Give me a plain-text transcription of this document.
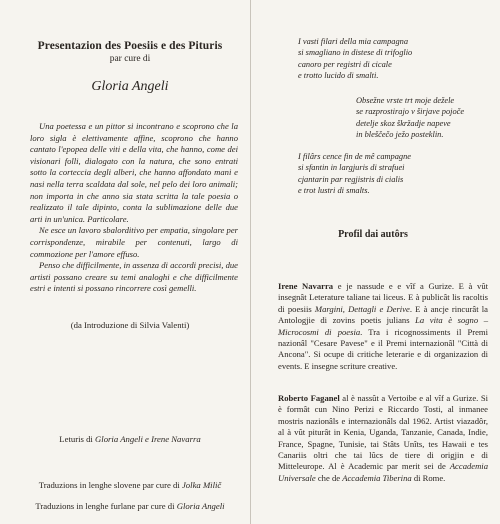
Presentazion des Poesiis e des Pituris
par cure di
Gloria Angeli

Una poetessa e un pittor si incontrano e scoprono che la loro sigla è elettivamente affine, scoprono che hanno cantato l'epopea delle viti e della vita, che hanno, come dei visionari folli, dialogato con la natura, che sono entrati sotto la corteccia degli alberi, che hanno affondato mani e nasi nella terra scaldata dal sole, nel pelo dei loro animali; non importa in che anno sia stata scritta la tale poesia o realizzato il tale dipinto, conta la sublimazione delle due arti in un'unica. Particolare.

Ne esce un lavoro sbalorditivo per empatia, singolare per corrispondenze, mirabile per contenuti, largo di commozione per l'amore effuso.

Penso che difficilmente, in assenza di accordi precisi, due artisti possano creare su temi analoghi e che difficilmente estri e intenti si possano rincorrere così gemelli.

(da Introduzione di Silvia Valenti)
Leturis di Gloria Angeli e Irene Navarra
Traduzions in lenghe slovene par cure di Jolka Milič
Traduzions in lenghe furlane par cure di Gloria Angeli
I vasti filari della mia campagna
si smagliano in distese di trifoglio
canoro per registri di cicale
e trotto lucido di smalti.
Obsežne vrste trt moje dežele
se razprostirajo v širjave pojoče
detelje skoz škržadje napeve
in bleščečo ježo posteklin.
I filârs cence fin de mê campagne
si sfantin in largjuris di strafuei
cjantarin par regjistris di cialis
e trot lustri di smalts.
Profil dai autôrs
Irene Navarra e je nassude e e vîf a Gurize. E à vût insegnât Leterature taliane tai liceus. E à publicât lis racoltis di poesiis Margini, Dettagli e Derive. E à ancje rincurât la Antologjie di zovins poetis julians La vita è sogno – Microcosmi di poesia. Tra i ricognossiments il Premi nazionâl "Cesare Pavese" e il Premi internazionâl "Città di Ancona". Si ocupe di critiche leterarie e di organizazion di events. E insegne scriture creative.
Roberto Faganel al è nassût a Vertoibe e al vîf a Gurize. Si è formât cun Nino Perizi e Riccardo Tosti, al inmanee mostris nazionâls e internazionâls dal 1962. Artist viazadôr, al à vût piturât in Kenia, Uganda, Tanzanie, Canada, Indie, France, Spagne, Tunisie, tai Stâts Unîts, tes Hawaii e tes Canariis oltri che tai lûcs de tiere di origjin e di Mitteleurope. Al è Academic par merit sei de Accademia Universale che de Accademia Tiberina di Rome.
